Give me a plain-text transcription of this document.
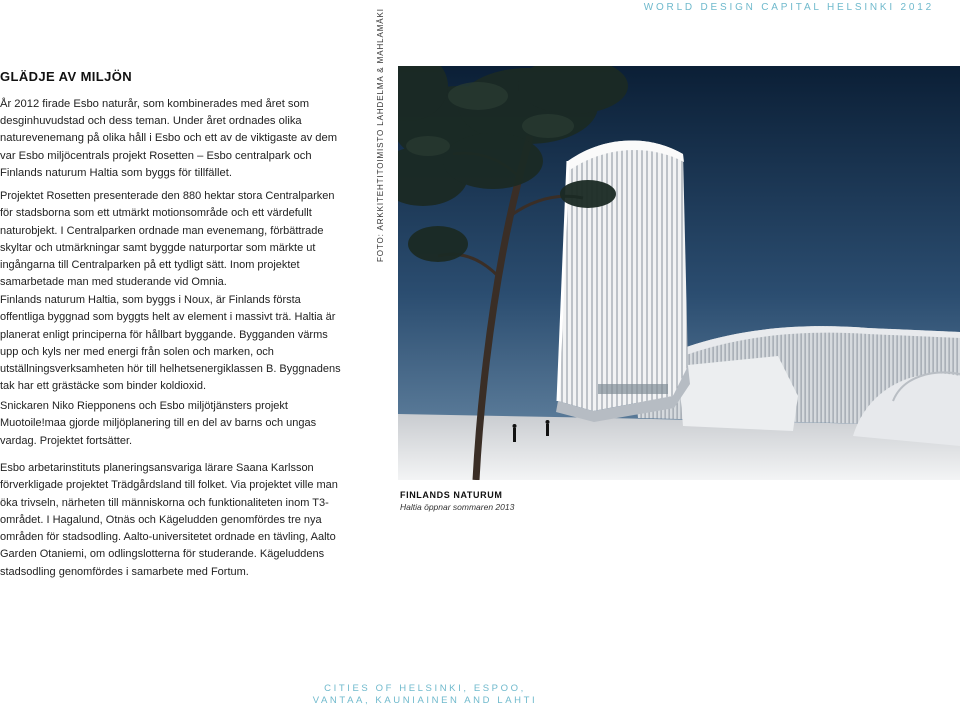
WORLD DESIGN CAPITAL HELSINKI 2012
GLÄDJE AV MILJÖN

År 2012 firade Esbo naturår, som kombinerades med året som desginhuvudstad och dess teman. Under året ordnades olika naturevenemang på olika håll i Esbo och ett av de viktigaste av dem var Esbo miljöcentrals projekt Rosetten – Esbo centralpark och Finlands naturum Haltia som byggs för tillfället.

Projektet Rosetten presenterade den 880 hektar stora Centralparken för stadsborna som ett utmärkt motionsområde och ett värdefullt naturobjekt. I Centralparken ordnade man evenemang, förbättrade skyltar och utmärkningar samt byggde naturportar som märkte ut ingångarna till Centralparken på ett tydligt sätt. Inom projektet samarbetade man med studerande vid Omnia.

Finlands naturum Haltia, som byggs i Noux, är Finlands första offentliga byggnad som byggts helt av element i massivt trä. Haltia är planerat enligt principerna för hållbart byggande. Bygganden värms upp och kyls ner med energi från solen och marken, och utställningsverksamheten hör till helhetsenergiklassen B. Byggnadens tak har ett grästäcke som binder koldioxid.

Snickaren Niko Riepponens och Esbo miljötjänsters projekt Muotoile!maa gjorde miljöplanering till en del av barns och ungas vardag. Projektet fortsätter.

Esbo arbetarinstituts planeringsansvariga lärare Saana Karlsson förverkligade projektet Trädgårdsland till folket. Via projektet ville man öka trivseln, närheten till människorna och funktionaliteten inom T3-området. I Hagalund, Otnäs och Kägeludden genomfördes tre nya områden för stadsodling. Aalto-universitetet ordnade en tävling, Aalto Garden Otaniemi, om odlingslotterna för studerande. Kägeluddens stadsodling genomfördes i samarbete med Fortum.

FOTO: ARKKITEHTITOIMISTO LAHDELMA & MAHLAMÄKI
FINLANDS NATURUM
Haltia öppnar sommaren 2013
CITIES OF HELSINKI, ESPOO,
VANTAA, KAUNIAINEN AND LAHTI
